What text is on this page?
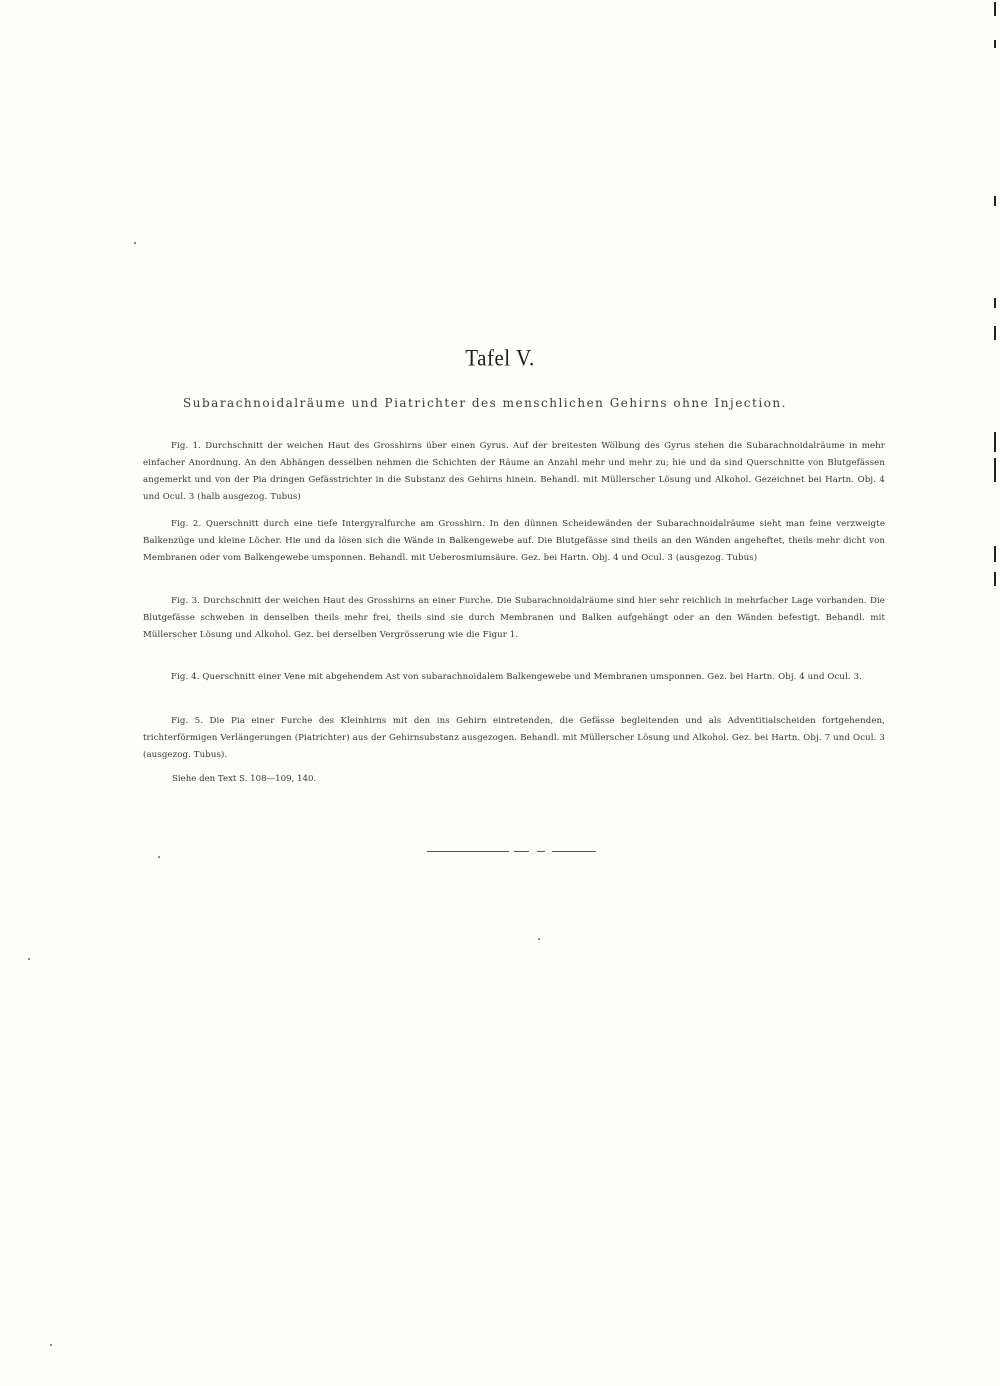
Tafel V.
Subarachnoidalräume und Piatrichter des menschlichen Gehirns ohne Injection.

Fig. 1. Durchschnitt der weichen Haut des Grosshirns über einen Gyrus. Auf der breitesten Wölbung des Gyrus stehen die Subarachnoidalräume in mehr einfacher Anordnung. An den Abhängen desselben nehmen die Schichten der Räume an Anzahl mehr und mehr zu; hie und da sind Querschnitte von Blutgefässen angemerkt und von der Pia dringen Gefässtrichter in die Substanz des Gehirns hinein. Behandl. mit Müllerscher Lösung und Alkohol. Gezeichnet bei Hartn. Obj. 4 und Ocul. 3 (halb ausgezog. Tubus)

Fig. 2. Querschnitt durch eine tiefe Intergyralfurche am Grosshirn. In den dünnen Scheidewänden der Subarachnoidalräume sieht man feine verzweigte Balkenzüge und kleine Löcher. Hie und da lösen sich die Wände in Balkengewebe auf. Die Blutgefässe sind theils an den Wänden angeheftet, theils mehr dicht von Membranen oder vom Balkengewebe umsponnen. Behandl. mit Ueberosmiumsäure. Gez. bei Hartn. Obj. 4 und Ocul. 3 (ausgezog. Tubus)

Fig. 3. Durchschnitt der weichen Haut des Grosshirns an einer Furche. Die Subarachnoidalräume sind hier sehr reichlich in mehrfacher Lage vorhanden. Die Blutgefässe schweben in denselben theils mehr frei, theils sind sie durch Membranen und Balken aufgehängt oder an den Wänden befestigt. Behandl. mit Müllerscher Lösung und Alkohol. Gez. bei derselben Vergrösserung wie die Figur 1.

Fig. 4. Querschnitt einer Vene mit abgehendem Ast von subarachnoidalem Balkengewebe und Membranen umsponnen. Gez. bei Hartn. Obj. 4 und Ocul. 3.

Fig. 5. Die Pia einer Furche des Kleinhirns mit den ins Gehirn eintretenden, die Gefässe begleitenden und als Adventitialscheiden fortgehenden, trichterförmigen Verlängerungen (Piatrichter) aus der Gehirnsubstanz ausgezogen. Behandl. mit Müllerscher Lösung und Alkohol. Gez. bei Hartn. Obj. 7 und Ocul. 3 (ausgezog. Tubus).

Siehe den Text S. 108—109, 140.
